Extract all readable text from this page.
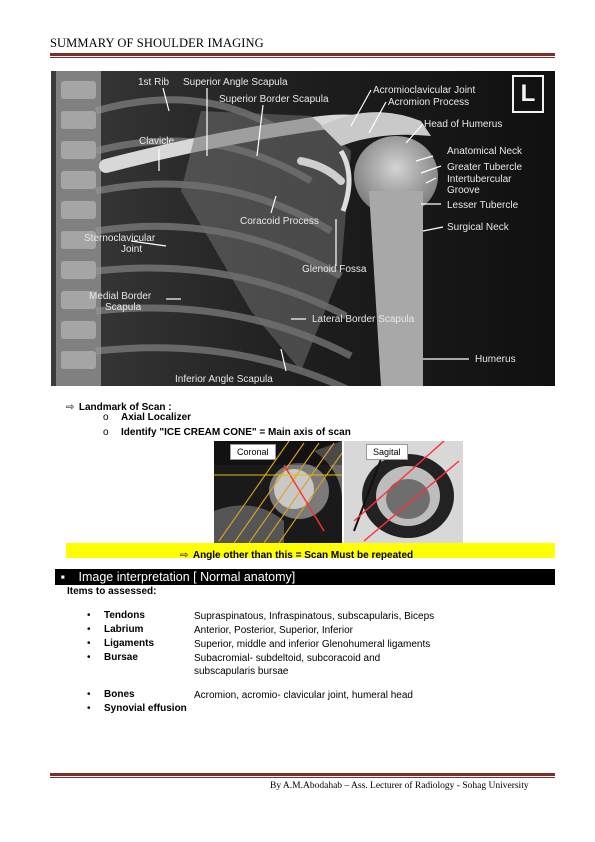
SUMMARY OF SHOULDER IMAGING
1st Rib Superior Angle Scapula
Superior Border Scapula
Acromioclavicular Joint
Acromion Process
Head of Humerus
Clavicle
Anatomical Neck
Greater Tubercle
Intertubercular
Groove
Lesser Tubercle
Coracoid Process
Surgical Neck
Sternoclavicular
Joint
Glenoid Fossa
Medial Border
Scapula
Lateral Border Scapula
Humerus
Inferior Angle Scapula
L
⇨ Landmark of Scan :
o Axial Localizer
o Identify "ICE CREAM CONE" = Main axis of scan
Coronal	Sagital
⇨ Angle other than this = Scan Must be repeated
▪ Image interpretation [ Normal anatomy]
Items to assessed:
• Tendons	Supraspinatous, Infraspinatous, subscapularis, Biceps
• Labrium	Anterior, Posterior, Superior, Inferior
• Ligaments	Superior, middle and inferior Glenohumeral ligaments
• Bursae	Subacromial- subdeltoid, subcoracoid and
subscapularis bursae
• Bones	Acromion, acromio- clavicular joint, humeral head
• Synovial effusion
By A.M.Abodahab – Ass. Lecturer of Radiology - Sohag University
